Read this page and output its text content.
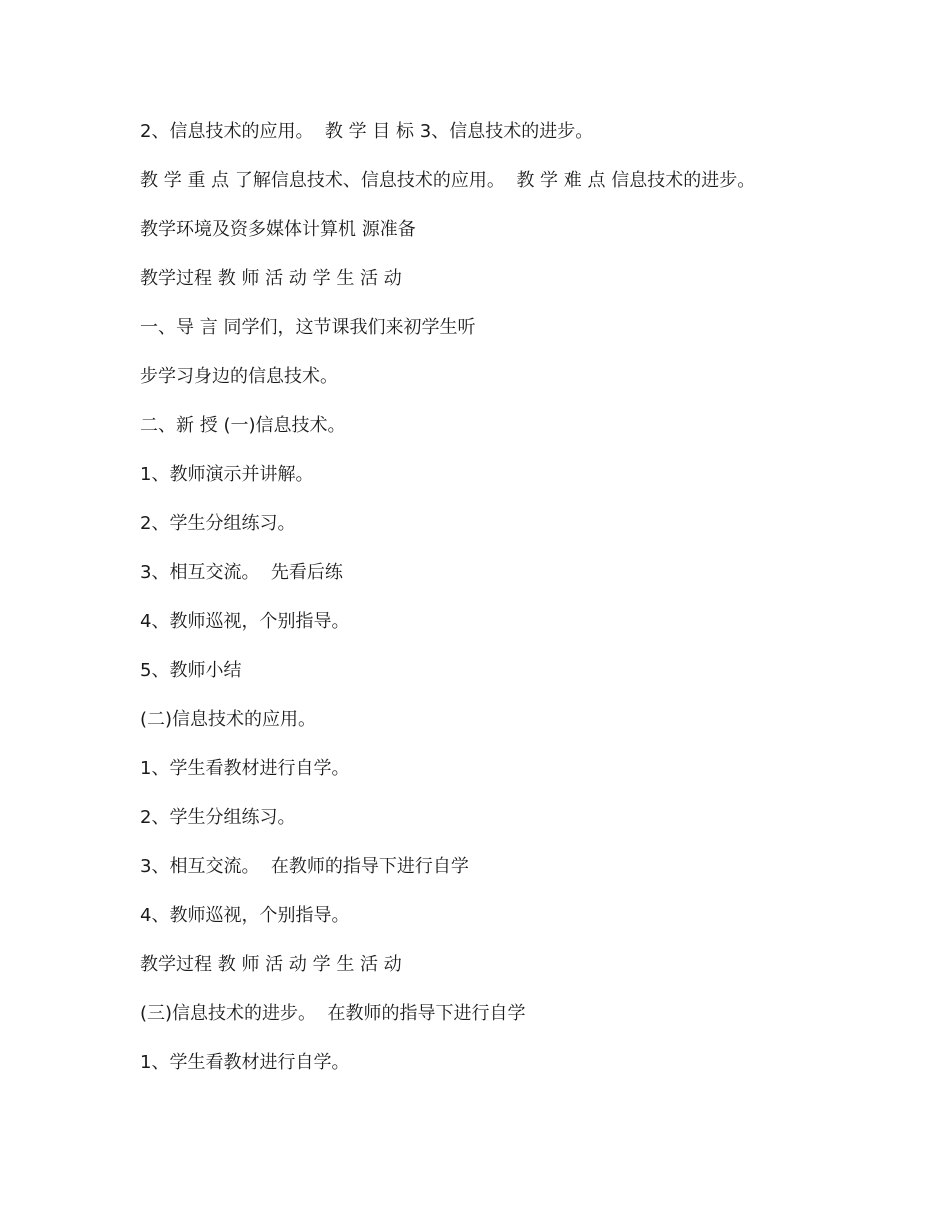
2、信息技术的应用。  教 学 目 标 3、信息技术的进步。

教 学 重 点 了解信息技术、信息技术的应用。  教 学 难 点 信息技术的进步。

教学环境及资多媒体计算机 源准备

教学过程 教 师 活 动 学 生 活 动

一、导 言 同学们，这节课我们来初学生听

步学习身边的信息技术。

二、新 授 (一)信息技术。

1、教师演示并讲解。

2、学生分组练习。

3、相互交流。  先看后练

4、教师巡视，个别指导。

5、教师小结

(二)信息技术的应用。

1、学生看教材进行自学。

2、学生分组练习。

3、相互交流。  在教师的指导下进行自学

4、教师巡视，个别指导。

教学过程 教 师 活 动 学 生 活 动

(三)信息技术的进步。  在教师的指导下进行自学

1、学生看教材进行自学。
